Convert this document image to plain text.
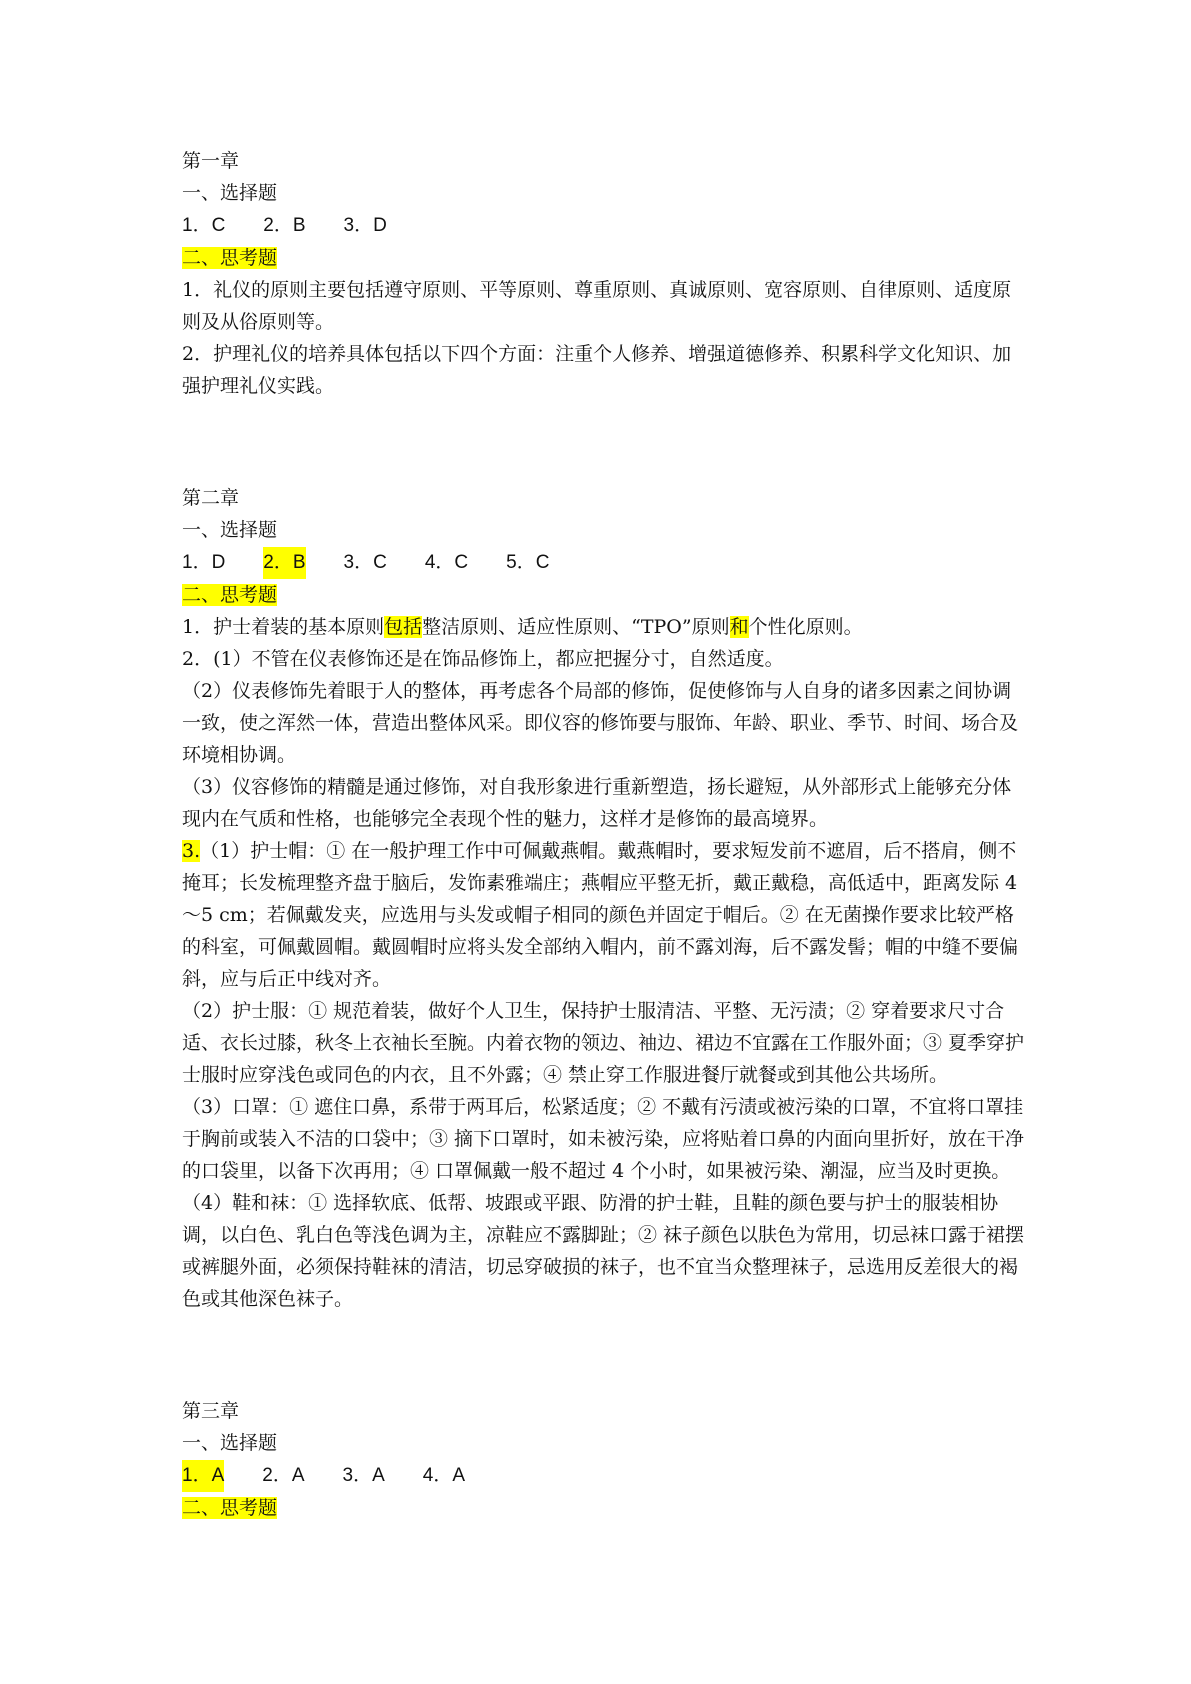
第一章
一、选择题
1．C 2．B 3．D
二、思考题
1．礼仪的原则主要包括遵守原则、平等原则、尊重原则、真诚原则、宽容原则、自律原则、适度原则及从俗原则等。
2．护理礼仪的培养具体包括以下四个方面：注重个人修养、增强道德修养、积累科学文化知识、加强护理礼仪实践。
第二章
一、选择题
1．D 2．B 3．C 4．C 5．C
二、思考题
1．护士着装的基本原则包括整洁原则、适应性原则、“TPO”原则和个性化原则。
2．(1）不管在仪表修饰还是在饰品修饰上，都应把握分寸，自然适度。
（2）仪表修饰先着眼于人的整体，再考虑各个局部的修饰，促使修饰与人自身的诸多因素之间协调一致，使之浑然一体，营造出整体风采。即仪容的修饰要与服饰、年龄、职业、季节、时间、场合及环境相协调。
（3）仪容修饰的精髓是通过修饰，对自我形象进行重新塑造，扬长避短，从外部形式上能够充分体现内在气质和性格，也能够完全表现个性的魅力，这样才是修饰的最高境界。
3.（1）护士帽：① 在一般护理工作中可佩戴燕帽。戴燕帽时，要求短发前不遮眉，后不搭肩，侧不掩耳；长发梳理整齐盘于脑后，发饰素雅端庄；燕帽应平整无折，戴正戴稳，高低适中，距离发际 4～5 cm；若佩戴发夹，应选用与头发或帽子相同的颜色并固定于帽后。② 在无菌操作要求比较严格的科室，可佩戴圆帽。戴圆帽时应将头发全部纳入帽内，前不露刘海，后不露发髻；帽的中缝不要偏斜，应与后正中线对齐。
（2）护士服：① 规范着装，做好个人卫生，保持护士服清洁、平整、无污渍；② 穿着要求尺寸合适、衣长过膝，秋冬上衣袖长至腕。内着衣物的领边、袖边、裙边不宜露在工作服外面；③ 夏季穿护士服时应穿浅色或同色的内衣，且不外露；④ 禁止穿工作服进餐厅就餐或到其他公共场所。
（3）口罩：① 遮住口鼻，系带于两耳后，松紧适度；② 不戴有污渍或被污染的口罩，不宜将口罩挂于胸前或装入不洁的口袋中；③ 摘下口罩时，如未被污染，应将贴着口鼻的内面向里折好，放在干净的口袋里，以备下次再用；④ 口罩佩戴一般不超过 4 个小时，如果被污染、潮湿，应当及时更换。
（4）鞋和袜：① 选择软底、低帮、坡跟或平跟、防滑的护士鞋，且鞋的颜色要与护士的服装相协调，以白色、乳白色等浅色调为主，凉鞋应不露脚趾；② 袜子颜色以肤色为常用，切忌袜口露于裙摆或裤腿外面，必须保持鞋袜的清洁，切忌穿破损的袜子，也不宜当众整理袜子，忌选用反差很大的褐色或其他深色袜子。
第三章
一、选择题
1．A 2．A 3．A 4．A
二、思考题
